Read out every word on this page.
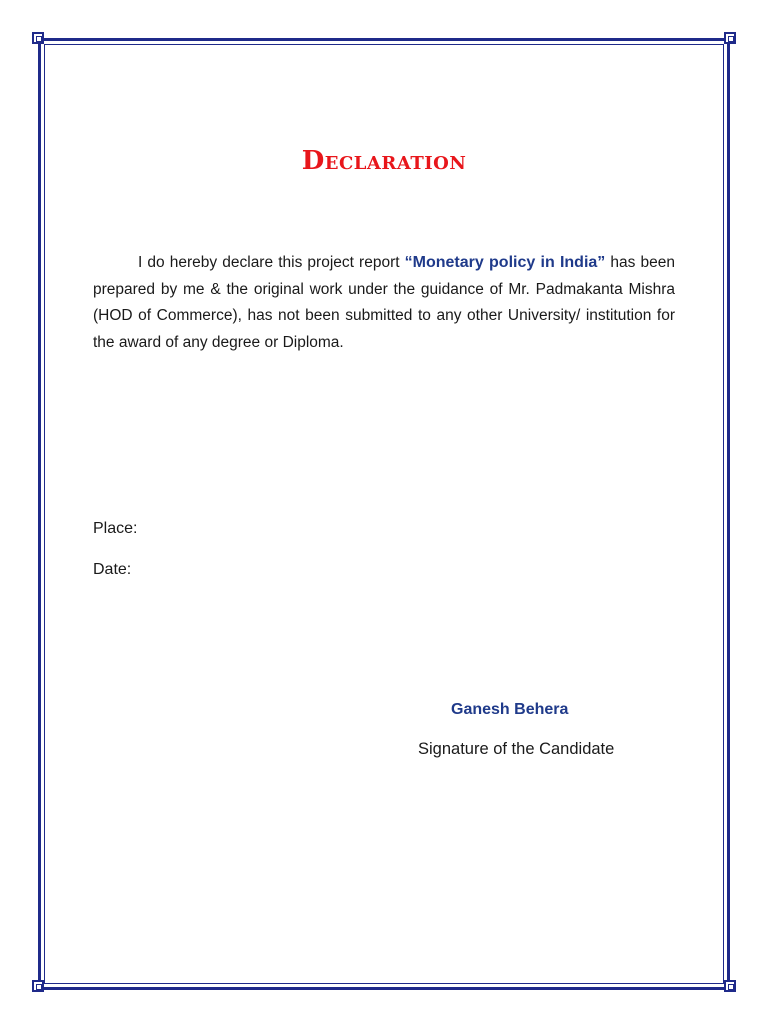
Declaration
I do hereby declare this project report “Monetary policy in India” has been prepared by me & the original work under the guidance of Mr. Padmakanta Mishra (HOD of Commerce), has not been submitted to any other University/ institution for the award of any degree or Diploma.
Place:
Date:
Ganesh Behera
Signature of the Candidate
